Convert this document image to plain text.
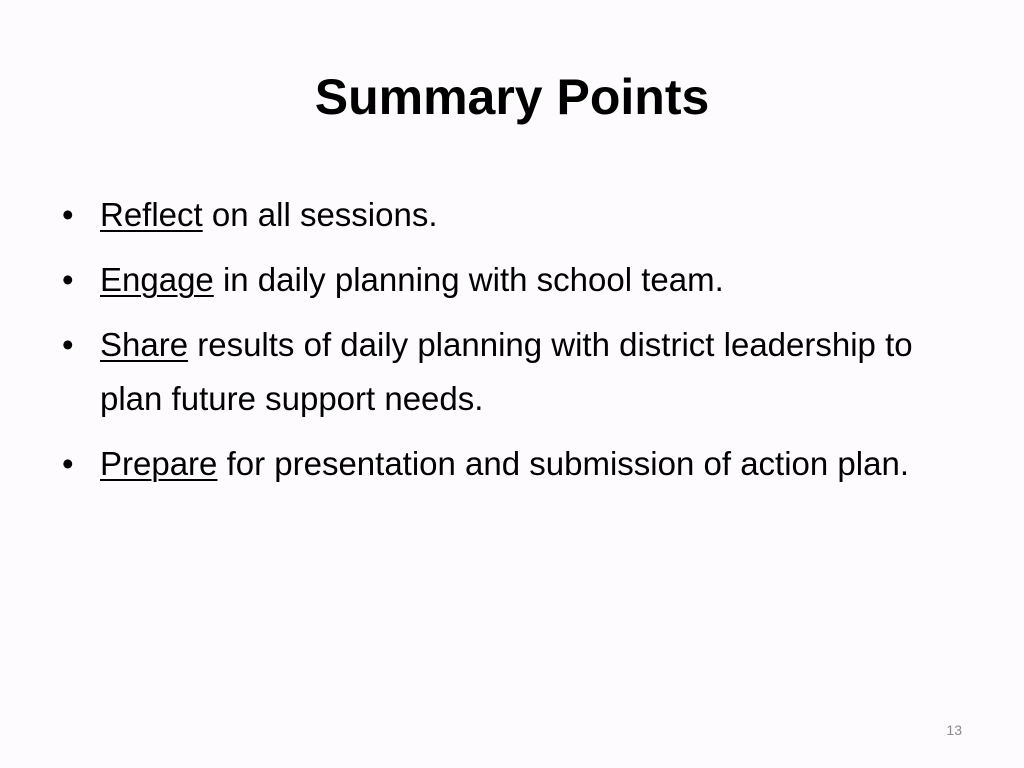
Summary Points
• Reflect on all sessions.
• Engage in daily planning with school team.
• Share results of daily planning with district leadership to plan future support needs.
• Prepare for presentation and submission of action plan.
13
